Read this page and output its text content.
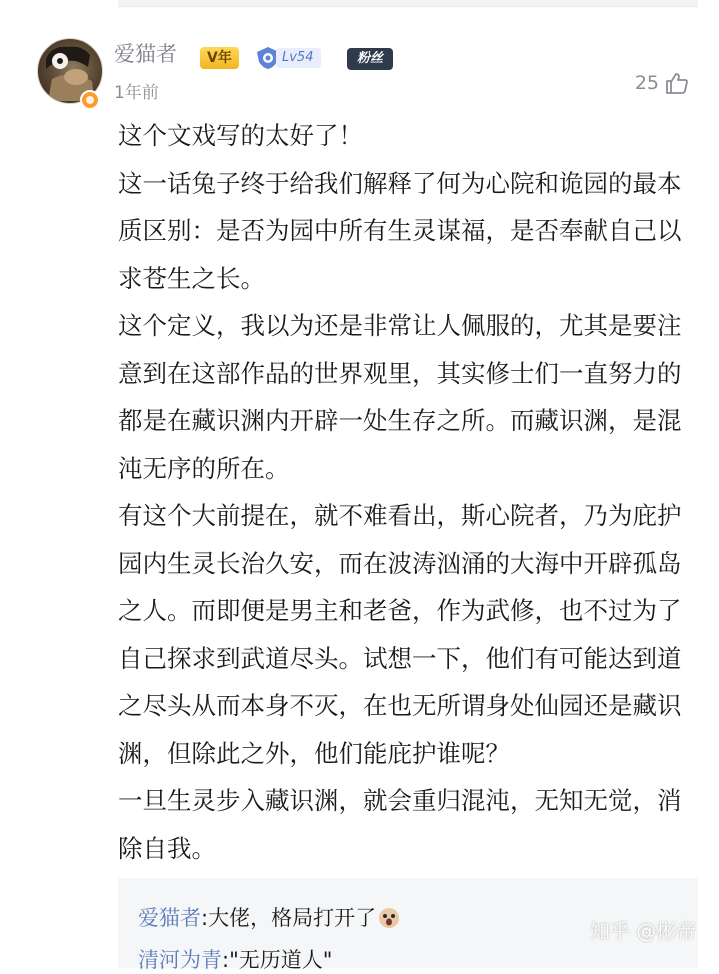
爱猫者	V年	Lv54	粉丝
1年前	25

这个文戏写的太好了！

这一话兔子终于给我们解释了何为心院和诡园的最本质区别：是否为园中所有生灵谋福，是否奉献自己以求苍生之长。

这个定义，我以为还是非常让人佩服的，尤其是要注意到在这部作品的世界观里，其实修士们一直努力的都是在藏识渊内开辟一处生存之所。而藏识渊，是混沌无序的所在。

有这个大前提在，就不难看出，斯心院者，乃为庇护园内生灵长治久安，而在波涛汹涌的大海中开辟孤岛之人。而即便是男主和老爸，作为武修，也不过为了自己探求到武道尽头。试想一下，他们有可能达到道之尽头从而本身不灭，在也无所谓身处仙园还是藏识渊，但除此之外，他们能庇护谁呢？

一旦生灵步入藏识渊，就会重归混沌，无知无觉，消除自我。

爱猫者:大佬，格局打开了
清河为青:"无历道人"
知乎 @彬帝
